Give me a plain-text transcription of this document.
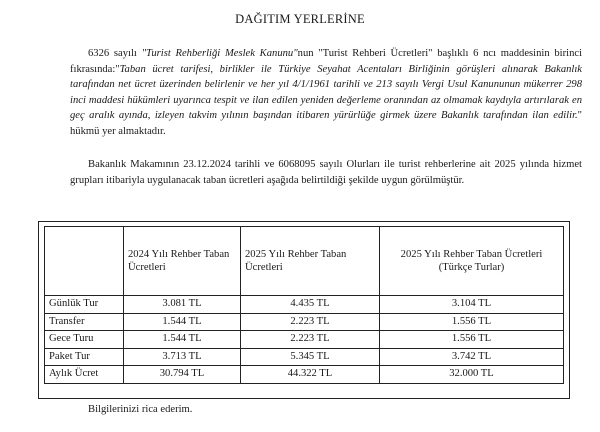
DAĞITIM YERLERİNE
6326 sayılı "Turist Rehberliği Meslek Kanunu"nun "Turist Rehberi Ücretleri" başlıklı 6 ncı maddesinin birinci fıkrasında:"Taban ücret tarifesi, birlikler ile Türkiye Seyahat Acentaları Birliğinin görüşleri alınarak Bakanlık tarafından net ücret üzerinden belirlenir ve her yıl 4/1/1961 tarihli ve 213 sayılı Vergi Usul Kanununun mükerrer 298 inci maddesi hükümleri uyarınca tespit ve ilan edilen yeniden değerleme oranından az olmamak kaydıyla artırılarak en geç aralık ayında, izleyen takvim yılının başından itibaren yürürlüğe girmek üzere Bakanlık tarafından ilan edilir." hükmü yer almaktadır.
Bakanlık Makamının 23.12.2024 tarihli ve 6068095 sayılı Olurları ile turist rehberlerine ait 2025 yılında hizmet grupları itibariyla uygulanacak taban ücretleri aşağıda belirtildiği şekilde uygun görülmüştür.
	2024 Yılı Rehber Taban Ücretleri	2025 Yılı Rehber Taban Ücretleri	2025 Yılı Rehber Taban Ücretleri (Türkçe Turlar)
Günlük Tur	3.081 TL	4.435 TL	3.104 TL
Transfer	1.544 TL	2.223 TL	1.556 TL
Gece Turu	1.544 TL	2.223 TL	1.556 TL
Paket Tur	3.713 TL	5.345 TL	3.742 TL
Aylık Ücret	30.794 TL	44.322 TL	32.000 TL
Bilgilerinizi rica ederim.
